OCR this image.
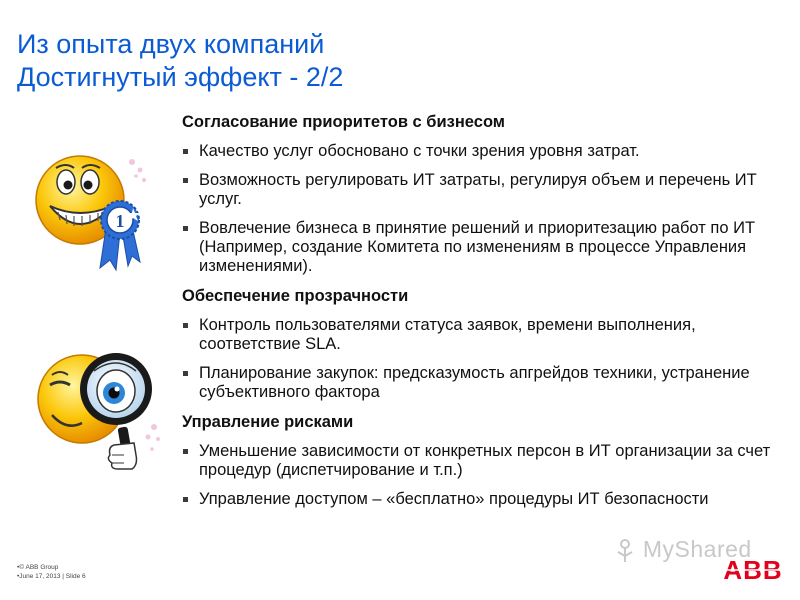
Из опыта двух компаний
Достигнутый эффект - 2/2
1
Согласование приоритетов с бизнесом
Качество услуг обосновано с точки зрения уровня затрат.
Возможность регулировать ИТ затраты, регулируя объем и перечень ИТ услуг.
Вовлечение бизнеса в принятие решений и приоритезацию работ по ИТ (Например, создание Комитета по изменениям в процессе Управления изменениями).
Обеспечение прозрачности
Контроль пользователями статуса заявок, времени выполнения, соответствие SLA.
Планирование закупок: предсказумость апгрейдов техники, устранение субъективного фактора
Управление рисками
Уменьшение зависимости от конкретных персон в ИТ организации за счет процедур (диспетчирование и т.п.)
Управление доступом – «бесплатно» процедуры ИТ безопасности
•© ABB Group
•June 17, 2013 | Slide 6
MyShared
ABB
